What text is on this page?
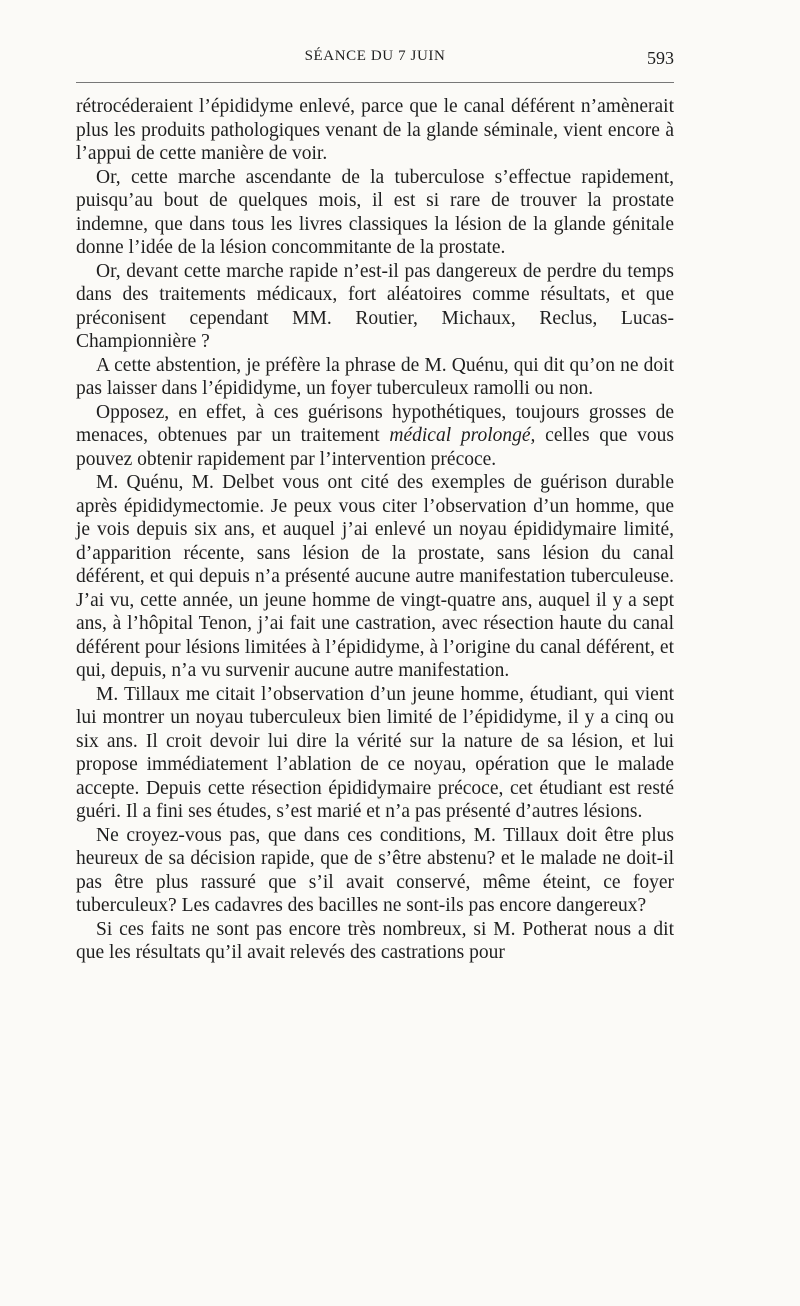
SÉANCE DU 7 JUIN	593

rétrocéderaient l’épididyme enlevé, parce que le canal déférent n’amènerait plus les produits pathologiques venant de la glande séminale, vient encore à l’appui de cette manière de voir.

Or, cette marche ascendante de la tuberculose s’effectue rapidement, puisqu’au bout de quelques mois, il est si rare de trouver la prostate indemne, que dans tous les livres classiques la lésion de la glande génitale donne l’idée de la lésion concommitante de la prostate.

Or, devant cette marche rapide n’est-il pas dangereux de perdre du temps dans des traitements médicaux, fort aléatoires comme résultats, et que préconisent cependant MM. Routier, Michaux, Reclus, Lucas-Championnière ?

A cette abstention, je préfère la phrase de M. Quénu, qui dit qu’on ne doit pas laisser dans l’épididyme, un foyer tuberculeux ramolli ou non.

Opposez, en effet, à ces guérisons hypothétiques, toujours grosses de menaces, obtenues par un traitement médical prolongé, celles que vous pouvez obtenir rapidement par l’intervention précoce.

M. Quénu, M. Delbet vous ont cité des exemples de guérison durable après épididymectomie. Je peux vous citer l’observation d’un homme, que je vois depuis six ans, et auquel j’ai enlevé un noyau épididymaire limité, d’apparition récente, sans lésion de la prostate, sans lésion du canal déférent, et qui depuis n’a présenté aucune autre manifestation tuberculeuse. J’ai vu, cette année, un jeune homme de vingt-quatre ans, auquel il y a sept ans, à l’hôpital Tenon, j’ai fait une castration, avec résection haute du canal déférent pour lésions limitées à l’épididyme, à l’origine du canal déférent, et qui, depuis, n’a vu survenir aucune autre manifestation.

M. Tillaux me citait l’observation d’un jeune homme, étudiant, qui vient lui montrer un noyau tuberculeux bien limité de l’épididyme, il y a cinq ou six ans. Il croit devoir lui dire la vérité sur la nature de sa lésion, et lui propose immédiatement l’ablation de ce noyau, opération que le malade accepte. Depuis cette résection épididymaire précoce, cet étudiant est resté guéri. Il a fini ses études, s’est marié et n’a pas présenté d’autres lésions.

Ne croyez-vous pas, que dans ces conditions, M. Tillaux doit être plus heureux de sa décision rapide, que de s’être abstenu? et le malade ne doit-il pas être plus rassuré que s’il avait conservé, même éteint, ce foyer tuberculeux? Les cadavres des bacilles ne sont-ils pas encore dangereux?

Si ces faits ne sont pas encore très nombreux, si M. Potherat nous a dit que les résultats qu’il avait relevés des castrations pour
